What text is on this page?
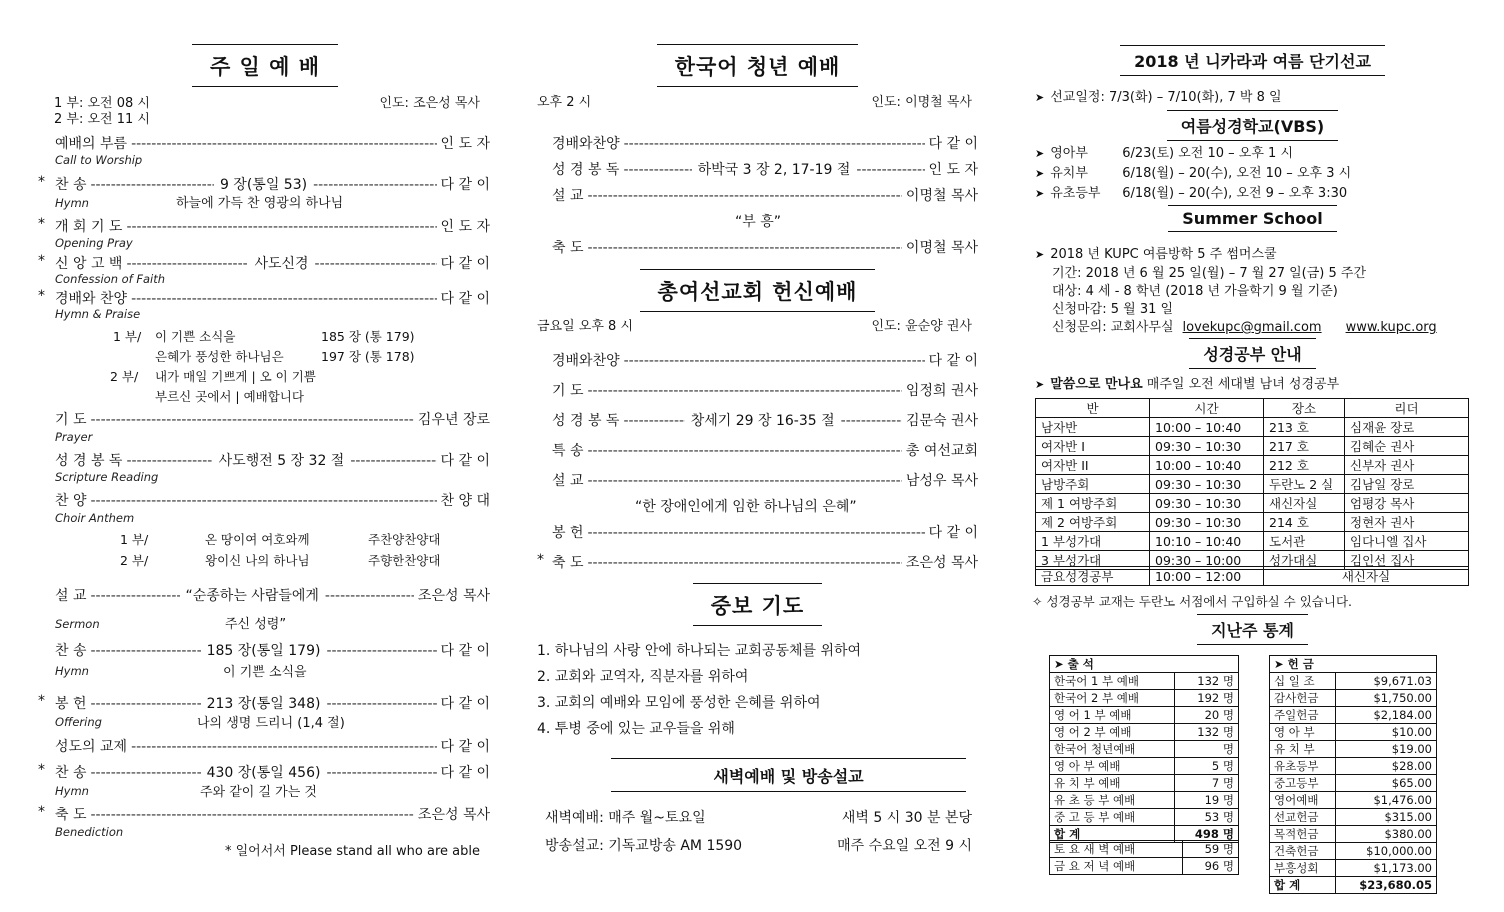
주 일 예 배
1 부: 오전 08 시
2 부: 오전 11 시
인도: 조은성 목사
예배의 부름 -----	인 도 자
Call to Worship
* 찬 송 -----	9 장(통일 53) -----	다 같 이
Hymn	하늘에 가득 찬 영광의 하나님
* 개 회 기 도 -----	인 도 자
Opening Pray
* 신 앙 고 백 -----	사도신경 -----	다 같 이
Confession of Faith
* 경배와 찬양 -----	다 같 이
Hymn & Praise
1 부/ 이 기쁜 소식을	185 장 (통 179)
은혜가 풍성한 하나님은	197 장 (통 178)
2 부/ 내가 매일 기쁘게 | 오 이 기쁨
부르신 곳에서 | 예배합니다
기 도 -----	김우년 장로
Prayer
성 경 봉 독 -----	사도행전 5 장 32 절 -----	다 같 이
Scripture Reading
찬 양 -----	찬 양 대
Choir Anthem
1 부/	온 땅이여 여호와께	주찬양찬양대
2 부/	왕이신 나의 하나님	주향한찬양대
설 교 -----	“순종하는 사람들에게 -----	조은성 목사
Sermon	주신 성령”
찬 송 -----	185 장(통일 179) -----	다 같 이
Hymn	이 기쁜 소식을
* 봉 헌 -----	213 장(통일 348) -----	다 같 이
Offering	나의 생명 드리니 (1,4 절)
성도의 교제 -----	다 같 이
* 찬 송 -----	430 장(통일 456) -----	다 같 이
Hymn	주와 같이 길 가는 것
* 축 도 -----	조은성 목사
Benediction
* 일어서서 Please stand all who are able
한국어 청년 예배
오후 2 시	인도: 이명철 목사
경배와찬양 -----	다 같 이
성 경 봉 독 -----	하박국 3 장 2, 17-19 절 -----	인 도 자
설 교 -----	이명철 목사
“부 흥”
축 도 -----	이명철 목사
총여선교회 헌신예배
금요일 오후 8 시	인도: 윤순양 권사
경배와찬양 -----	다 같 이
기 도 -----	임정희 권사
성 경 봉 독 -----	창세기 29 장 16-35 절 -----	김문숙 권사
특 송 -----	총 여선교회
설 교 -----	남성우 목사
“한 장애인에게 임한 하나님의 은혜”
봉 헌 -----	다 같 이
* 축 도 -----	조은성 목사
중보 기도
1. 하나님의 사랑 안에 하나되는 교회공동체를 위하여
2. 교회와 교역자, 직분자를 위하여
3. 교회의 예배와 모임에 풍성한 은혜를 위하여
4. 투병 중에 있는 교우들을 위해
새벽예배 및 방송설교
새벽예배: 매주 월~토요일	새벽 5 시 30 분 본당
방송설교: 기독교방송 AM 1590	매주 수요일 오전 9 시
2018 년 니카라과 여름 단기선교
➤ 선교일정: 7/3(화) – 7/10(화), 7 박 8 일
여름성경학교(VBS)
➤ 영아부	6/23(토) 오전 10 – 오후 1 시
➤ 유치부	6/18(월) – 20(수), 오전 10 – 오후 3 시
➤ 유초등부 6/18(월) – 20(수), 오전 9 – 오후 3:30
Summer School
➤ 2018 년 KUPC 여름방학 5 주 썸머스쿨
기간: 2018 년 6 월 25 일(월) – 7 월 27 일(금) 5 주간
대상: 4 세 - 8 학년 (2018 년 가을학기 9 월 기준)
신청마감: 5 월 31 일
신청문의: 교회사무실 lovekupc@gmail.com www.kupc.org
성경공부 안내
➤ 말씀으로 만나요 매주일 오전 세대별 남녀 성경공부
반	시간	장소	리더
남자반	10:00 – 10:40	213 호	심재윤 장로
여자반 I	09:30 – 10:30	217 호	김혜순 권사
여자반 II	10:00 – 10:40	212 호	신부자 권사
남방주회	09:30 – 10:30	두란노 2 실	김남일 장로
제 1 여방주회	09:30 – 10:30	새신자실	엄평강 목사
제 2 여방주회	09:30 – 10:30	214 호	정현자 권사
1 부성가대	10:10 – 10:40	도서관	임다니엘 집사
3 부성가대	09:30 – 10:00	성가대실	김인선 집사
금요성경공부	10:00 – 12:00	새신자실
✧ 성경공부 교재는 두란노 서점에서 구입하실 수 있습니다.
지난주 통계
➤ 출 석	
한국어 1 부 예배	132 명
한국어 2 부 예배	192 명
영 어 1 부 예배	20 명
영 어 2 부 예배	132 명
한국어 청년예배	명
영 아 부 예배	5 명
유 치 부 예배	7 명
유 초 등 부 예배	19 명
중 고 등 부 예배	53 명
합 계	498 명
토 요 새 벽 예배	59 명
금 요 저 녁 예배	96 명
➤ 헌 금	
십 일 조	$9,671.03
감사헌금	$1,750.00
주일헌금	$2,184.00
영 아 부	$10.00
유 치 부	$19.00
유초등부	$28.00
중고등부	$65.00
영어예배	$1,476.00
선교헌금	$315.00
목적헌금	$380.00
건축헌금	$10,000.00
부흥성회	$1,173.00
합 계	$23,680.05
